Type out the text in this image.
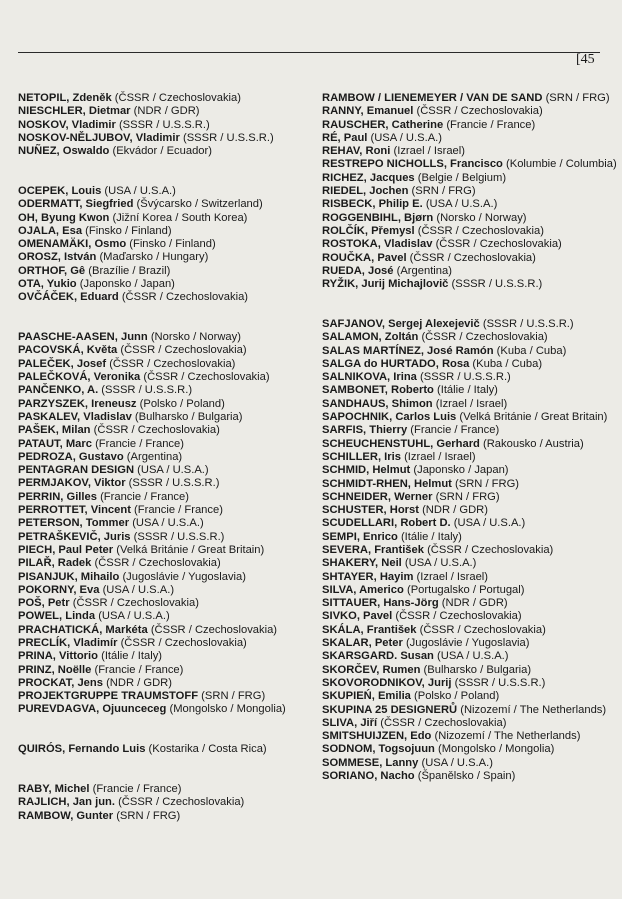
[45

NETOPIL, Zdeněk (ČSSR / Czechoslovakia)

NIESCHLER, Dietmar (NDR / GDR)

NOSKOV, Vladimir (SSSR / U.S.S.R.)

NOSKOV-NĚLJUBOV, Vladimir (SSSR / U.S.S.R.)

NUÑEZ, Oswaldo (Ekvádor / Ecuador)

OCEPEK, Louis (USA / U.S.A.)

ODERMATT, Siegfried (Švýcarsko / Switzerland)

OH, Byung Kwon (Jižní Korea / South Korea)

OJALA, Esa (Finsko / Finland)

OMENAMÄKI, Osmo (Finsko / Finland)

OROSZ, István (Maďarsko / Hungary)

ORTHOF, Gê (Brazílie / Brazil)

OTA, Yukio (Japonsko / Japan)

OVČÁČEK, Eduard (ČSSR / Czechoslovakia)

PAASCHE-AASEN, Junn (Norsko / Norway)

PACOVSKÁ, Květa (ČSSR / Czechoslovakia)

PALEČEK, Josef (ČSSR / Czechoslovakia)

PALEČKOVÁ, Veronika (ČSSR / Czechoslovakia)

PANČENKO, A. (SSSR / U.S.S.R.)

PARZYSZEK, Ireneusz (Polsko / Poland)

PASKALEV, Vladislav (Bulharsko / Bulgaria)

PAŠEK, Milan (ČSSR / Czechoslovakia)

PATAUT, Marc (Francie / France)

PEDROZA, Gustavo (Argentina)

PENTAGRAN DESIGN (USA / U.S.A.)

PERMJAKOV, Viktor (SSSR / U.S.S.R.)

PERRIN, Gilles (Francie / France)

PERROTTET, Vincent (Francie / France)

PETERSON, Tommer (USA / U.S.A.)

PETRAŠKEVIČ, Juris (SSSR / U.S.S.R.)

PIECH, Paul Peter (Velká Británie / Great Britain)

PILAŘ, Radek (ČSSR / Czechoslovakia)

PISANJUK, Mihailo (Jugoslávie / Yugoslavia)

POKORNY, Eva (USA / U.S.A.)

POŠ, Petr (ČSSR / Czechoslovakia)

POWEL, Linda (USA / U.S.A.)

PRACHATICKÁ, Markéta (ČSSR / Czechoslovakia)

PRECLÍK, Vladimír (ČSSR / Czechoslovakia)

PRINA, Vittorio (Itálie / Italy)

PRINZ, Noëlle (Francie / France)

PROCKAT, Jens (NDR / GDR)

PROJEKTGRUPPE TRAUMSTOFF (SRN / FRG)

PUREVDAGVA, Ojuunceceg (Mongolsko / Mongolia)

QUIRÓS, Fernando Luis (Kostarika / Costa Rica)

RABY, Michel (Francie / France)

RAJLICH, Jan jun. (ČSSR / Czechoslovakia)

RAMBOW, Gunter (SRN / FRG)

RAMBOW / LIENEMEYER / VAN DE SAND (SRN / FRG)

RANNY, Emanuel (ČSSR / Czechoslovakia)

RAUSCHER, Catherine (Francie / France)

RÉ, Paul (USA / U.S.A.)

REHAV, Roni (Izrael / Israel)

RESTREPO NICHOLLS, Francisco (Kolumbie / Columbia)

RICHEZ, Jacques (Belgie / Belgium)

RIEDEL, Jochen (SRN / FRG)

RISBECK, Philip E. (USA / U.S.A.)

ROGGENBIHL, Bjørn (Norsko / Norway)

ROLČÍK, Přemysl (ČSSR / Czechoslovakia)

ROSTOKA, Vladislav (ČSSR / Czechoslovakia)

ROUČKA, Pavel (ČSSR / Czechoslovakia)

RUEDA, José (Argentina)

RYŽIK, Jurij Michajlovič (SSSR / U.S.S.R.)

SAFJANOV, Sergej Alexejevič (SSSR / U.S.S.R.)

SALAMON, Zoltán (ČSSR / Czechoslovakia)

SALAS MARTÍNEZ, José Ramón (Kuba / Cuba)

SALGA do HURTADO, Rosa (Kuba / Cuba)

SALNIKOVA, Irina (SSSR / U.S.S.R.)

SAMBONET, Roberto (Itálie / Italy)

SANDHAUS, Shimon (Izrael / Israel)

SAPOCHNIK, Carlos Luis (Velká Británie / Great Britain)

SARFIS, Thierry (Francie / France)

SCHEUCHENSTUHL, Gerhard (Rakousko / Austria)

SCHILLER, Iris (Izrael / Israel)

SCHMID, Helmut (Japonsko / Japan)

SCHMIDT-RHEN, Helmut (SRN / FRG)

SCHNEIDER, Werner (SRN / FRG)

SCHUSTER, Horst (NDR / GDR)

SCUDELLARI, Robert D. (USA / U.S.A.)

SEMPI, Enrico (Itálie / Italy)

SEVERA, František (ČSSR / Czechoslovakia)

SHAKERY, Neil (USA / U.S.A.)

SHTAYER, Hayim (Izrael / Israel)

SILVA, Americo (Portugalsko / Portugal)

SITTAUER, Hans-Jörg (NDR / GDR)

SIVKO, Pavel (ČSSR / Czechoslovakia)

SKÁLA, František (ČSSR / Czechoslovakia)

SKALAR, Peter (Jugoslávie / Yugoslavia)

SKARSGARD. Susan (USA / U.S.A.)

SKORČEV, Rumen (Bulharsko / Bulgaria)

SKOVORODNIKOV, Jurij (SSSR / U.S.S.R.)

SKUPIEŃ, Emilia (Polsko / Poland)

SKUPINA 25 DESIGNERŮ (Nizozemí / The Netherlands)

SLIVA, Jiří (ČSSR / Czechoslovakia)

SMITSHUIJZEN, Edo (Nizozemí / The Netherlands)

SODNOM, Togsojuun (Mongolsko / Mongolia)

SOMMESE, Lanny (USA / U.S.A.)

SORIANO, Nacho (Španělsko / Spain)
